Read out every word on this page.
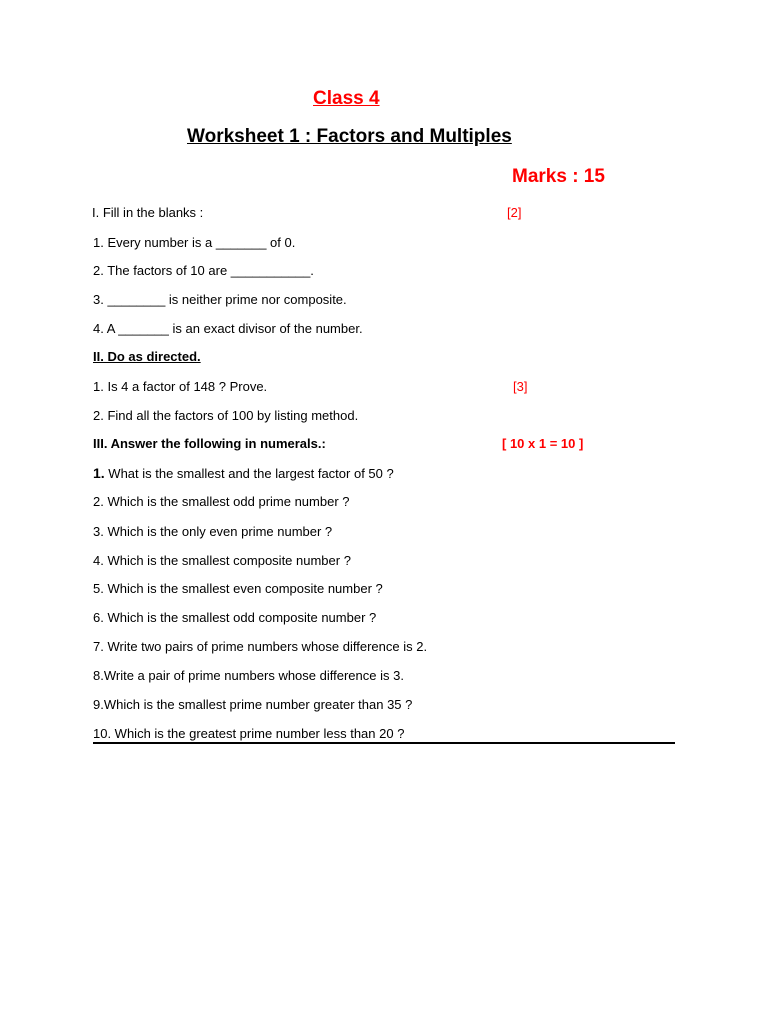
Class 4
Worksheet 1 : Factors and Multiples
Marks : 15
I. Fill in the blanks :	[2]
1. Every number is a _______ of 0.
2. The factors of 10 are ___________.
3. ________ is neither prime nor composite.
4. A _______ is an exact divisor of the number.
II. Do as directed.
[3]
1. Is 4 a factor of 148 ? Prove.
2. Find all the factors of 100 by listing method.
III. Answer the following in numerals.:	[ 10 x 1 = 10 ]
1. What is the smallest and the largest factor of 50 ?
2. Which is the smallest odd prime number ?
3. Which is the only even prime number ?
4. Which is the smallest composite number ?
5. Which is the smallest even composite number ?
6. Which is the smallest odd composite number ?
7. Write two pairs of prime numbers whose difference is 2.
8.Write a pair of prime numbers whose difference is 3.
9.Which is the smallest prime number greater than 35 ?
10. Which is the greatest prime number less than 20 ?
